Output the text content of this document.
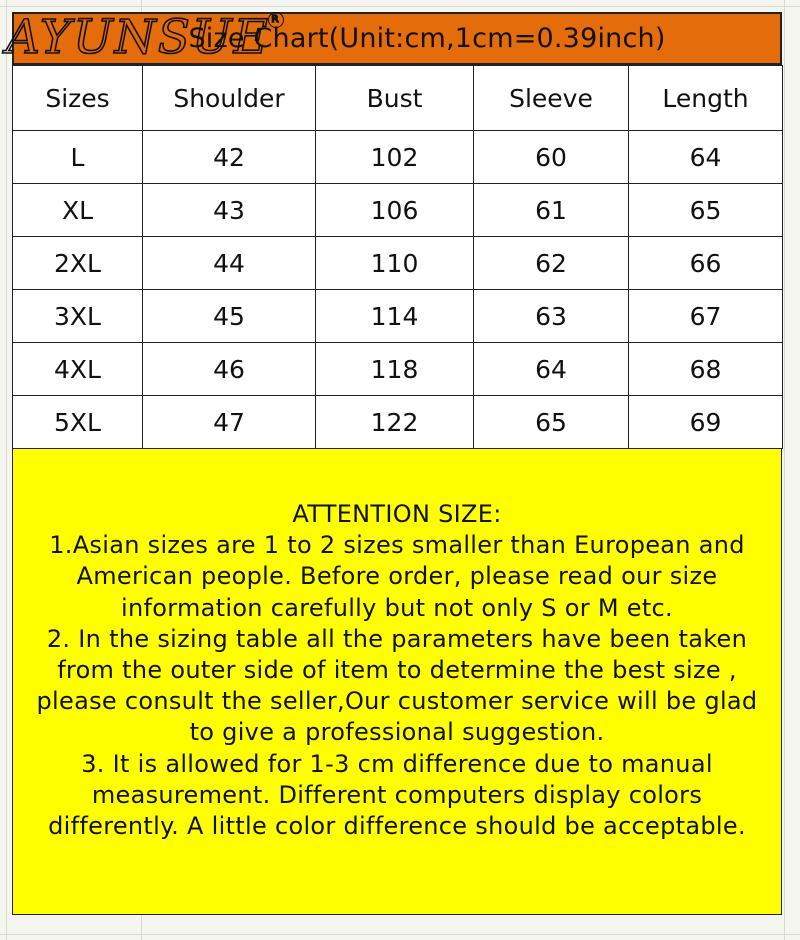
AYUNSUE R
Size Chart(Unit:cm,1cm=0.39inch)
Sizes	Shoulder	Bust	Sleeve	Length
L	42	102	60	64
XL	43	106	61	65
2XL	44	110	62	66
3XL	45	114	63	67
4XL	46	118	64	68
5XL	47	122	65	69
ATTENTION SIZE:
1.Asian sizes are 1 to 2 sizes smaller than European and
American people. Before order, please read our size
information carefully but not only S or M etc.
2. In the sizing table all the parameters have been taken
from the outer side of item to determine the best size ,
please consult the seller,Our customer service will be glad
to give a professional suggestion.
3. It is allowed for 1-3 cm difference due to manual
measurement. Different computers display colors
differently. A little color difference should be acceptable.
